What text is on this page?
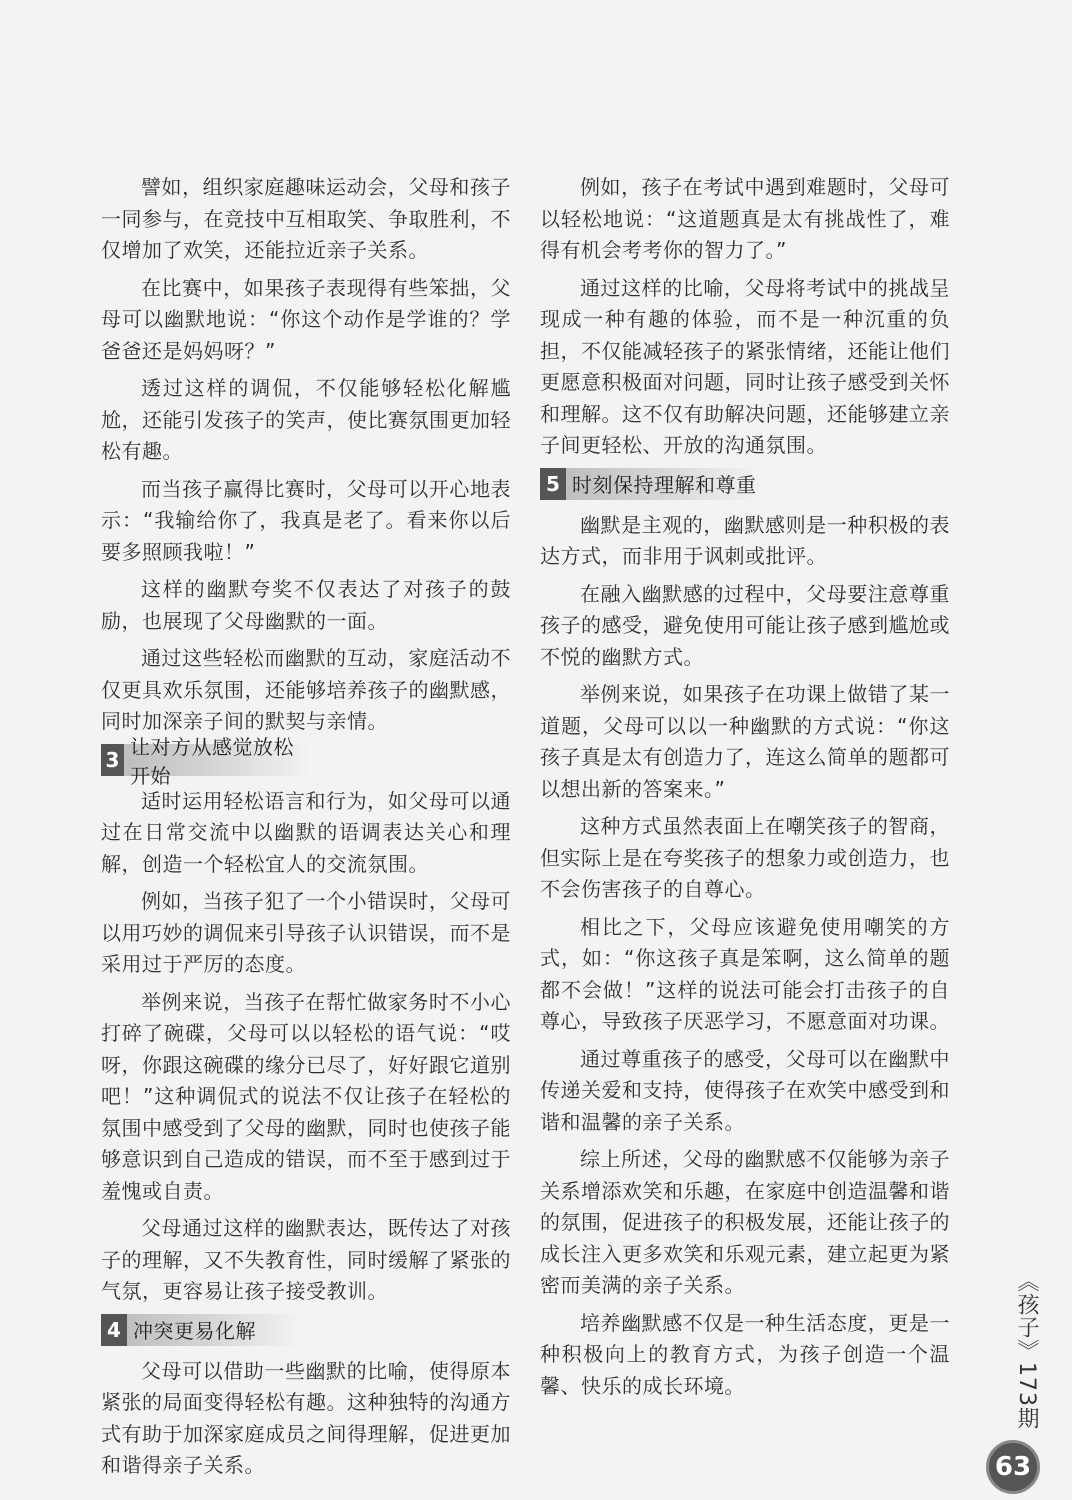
譬如，组织家庭趣味运动会，父母和孩子一同参与，在竞技中互相取笑、争取胜利，不仅增加了欢笑，还能拉近亲子关系。

在比赛中，如果孩子表现得有些笨拙，父母可以幽默地说：“你这个动作是学谁的？学爸爸还是妈妈呀？”

透过这样的调侃，不仅能够轻松化解尴尬，还能引发孩子的笑声，使比赛氛围更加轻松有趣。

而当孩子赢得比赛时，父母可以开心地表示：“我输给你了，我真是老了。看来你以后要多照顾我啦！”

这样的幽默夸奖不仅表达了对孩子的鼓励，也展现了父母幽默的一面。

通过这些轻松而幽默的互动，家庭活动不仅更具欢乐氛围，还能够培养孩子的幽默感，同时加深亲子间的默契与亲情。

3
让对方从感觉放松开始

适时运用轻松语言和行为，如父母可以通过在日常交流中以幽默的语调表达关心和理解，创造一个轻松宜人的交流氛围。

例如，当孩子犯了一个小错误时，父母可以用巧妙的调侃来引导孩子认识错误，而不是采用过于严厉的态度。

举例来说，当孩子在帮忙做家务时不小心打碎了碗碟，父母可以以轻松的语气说：“哎呀，你跟这碗碟的缘分已尽了，好好跟它道别吧！”这种调侃式的说法不仅让孩子在轻松的氛围中感受到了父母的幽默，同时也使孩子能够意识到自己造成的错误，而不至于感到过于羞愧或自责。

父母通过这样的幽默表达，既传达了对孩子的理解，又不失教育性，同时缓解了紧张的气氛，更容易让孩子接受教训。

4 冲突更易化解

父母可以借助一些幽默的比喻，使得原本紧张的局面变得轻松有趣。这种独特的沟通方式有助于加深家庭成员之间得理解，促进更加和谐得亲子关系。

例如，孩子在考试中遇到难题时，父母可以轻松地说：“这道题真是太有挑战性了，难得有机会考考你的智力了。”

通过这样的比喻，父母将考试中的挑战呈现成一种有趣的体验，而不是一种沉重的负担，不仅能减轻孩子的紧张情绪，还能让他们更愿意积极面对问题，同时让孩子感受到关怀和理解。这不仅有助解决问题，还能够建立亲子间更轻松、开放的沟通氛围。

5 时刻保持理解和尊重

幽默是主观的，幽默感则是一种积极的表达方式，而非用于讽刺或批评。

在融入幽默感的过程中，父母要注意尊重孩子的感受，避免使用可能让孩子感到尴尬或不悦的幽默方式。

举例来说，如果孩子在功课上做错了某一道题，父母可以以一种幽默的方式说：“你这孩子真是太有创造力了，连这么简单的题都可以想出新的答案来。”

这种方式虽然表面上在嘲笑孩子的智商，但实际上是在夸奖孩子的想象力或创造力，也不会伤害孩子的自尊心。

相比之下，父母应该避免使用嘲笑的方式，如：“你这孩子真是笨啊，这么简单的题都不会做！”这样的说法可能会打击孩子的自尊心，导致孩子厌恶学习，不愿意面对功课。

通过尊重孩子的感受，父母可以在幽默中传递关爱和支持，使得孩子在欢笑中感受到和谐和温馨的亲子关系。

综上所述，父母的幽默感不仅能够为亲子关系增添欢笑和乐趣，在家庭中创造温馨和谐的氛围，促进孩子的积极发展，还能让孩子的成长注入更多欢笑和乐观元素，建立起更为紧密而美满的亲子关系。

培养幽默感不仅是一种生活态度，更是一种积极向上的教育方式，为孩子创造一个温馨、快乐的成长环境。	《孩子》173期
63
